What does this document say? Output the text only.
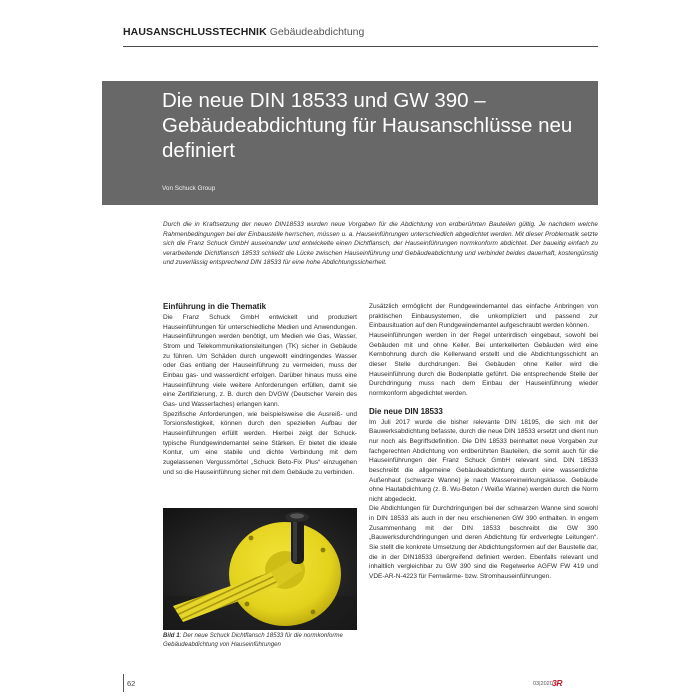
HAUSANSCHLUSSTECHNIK Gebäudeabdichtung
Die neue DIN 18533 und GW 390 – Gebäudeabdichtung für Hausanschlüsse neu definiert
Von Schuck Group
Durch die in Kraftsetzung der neuen DIN18533 wurden neue Vorgaben für die Abdichtung von erdberührten Bauteilen gültig. Je nachdem welche Rahmenbedingungen bei der Einbaustelle herrschen, müssen u. a. Hauseinführungen unterschiedlich abgedichtet werden. Mit dieser Problematik setzte sich die Franz Schuck GmbH auseinander und entwickelte einen Dichtflansch, der Hauseinführungen normkonform abdichtet. Der baueitig einfach zu verarbeitende Dichtflansch 18533 schließt die Lücke zwischen Hauseinführung und Gebäudeabdichtung und verbindet beides dauerhaft, kostengünstig und zuverlässig entsprechend DIN 18533 für eine hohe Abdichtungssicherheit.
Einführung in die Thematik

Die Franz Schuck GmbH entwickelt und produziert Hauseinführungen für unterschiedliche Medien und Anwendungen. Hauseinführungen werden benötigt, um Medien wie Gas, Wasser, Strom und Telekommunikationsleitungen (TK) sicher in Gebäude zu führen. Um Schäden durch ungewollt eindringendes Wasser oder Gas entlang der Hauseinführung zu vermeiden, muss der Einbau gas- und wasserdicht erfolgen. Darüber hinaus muss eine Hauseinführung viele weitere Anforderungen erfüllen, damit sie eine Zertifizierung, z. B. durch den DVGW (Deutscher Verein des Gas- und Wasserfaches) erlangen kann.

Spezifische Anforderungen, wie beispielsweise die Ausreiß- und Torsionsfestigkeit, können durch den speziellen Aufbau der Hauseinführungen erfüllt werden. Hierbei zeigt der Schuck-typische Rundgewindemantel seine Stärken. Er bietet die ideale Kontur, um eine stabile und dichte Verbindung mit dem zugelassenen Vergussmörtel „Schuck Beto-Fix Plus“ einzugehen und so die Hauseinführung sicher mit dem Gebäude zu verbinden.

Bild 1: Der neue Schuck Dichtflansch 18533 für die normkonforme Gebäudeabdichtung von Hauseinführungen

Zusätzlich ermöglicht der Rundgewindemantel das einfache Anbringen von praktischen Einbausystemen, die unkompliziert und passend zur Einbausituation auf den Rundgewindemantel aufgeschraubt werden können.

Hauseinführungen werden in der Regel unterirdisch eingebaut, sowohl bei Gebäuden mit und ohne Keller. Bei unterkellerten Gebäuden wird eine Kernbohrung durch die Kellerwand erstellt und die Abdichtungsschicht an dieser Stelle durchdrungen. Bei Gebäuden ohne Keller wird die Hauseinführung durch die Bodenplatte geführt. Die entsprechende Stelle der Durchdringung muss nach dem Einbau der Hauseinführung wieder normkonform abgedichtet werden.

Die neue DIN 18533

Im Juli 2017 wurde die bisher relevante DIN 18195, die sich mit der Bauwerksabdichtung befasste, durch die neue DIN 18533 ersetzt und dient nun nur noch als Begriffsdefinition. Die DIN 18533 beinhaltet neue Vorgaben zur fachgerechten Abdichtung von erdberührten Bauteilen, die somit auch für die Hauseinführungen der Franz Schuck GmbH relevant sind. DIN 18533 beschreibt die allgemeine Gebäudeabdichtung durch eine wasserdichte Außenhaut (schwarze Wanne) je nach Wassereinwirkungsklasse. Gebäude ohne Hautabdichtung (z. B. Wu-Beton / Weiße Wanne) werden durch die Norm nicht abgedeckt.

Die Abdichtungen für Durchdringungen bei der schwarzen Wanne sind sowohl in DIN 18533 als auch in der neu erschienenen GW 390 enthalten. In engem Zusammenhang mit der DIN 18533 beschreibt die GW 390 „Bauwerksdurchdringungen und deren Abdichtung für erdverlegte Leitungen“. Sie stellt die konkrete Umsetzung der Abdichtungsformen auf der Baustelle dar, die in der DIN18533 übergreifend definiert werden. Ebenfalls relevant und inhaltlich vergleichbar zu GW 390 sind die Regelwerke AGFW FW 419 und VDE-AR-N-4223 für Fernwärme- bzw. Stromhauseinführungen.

62	03|2020 3R
